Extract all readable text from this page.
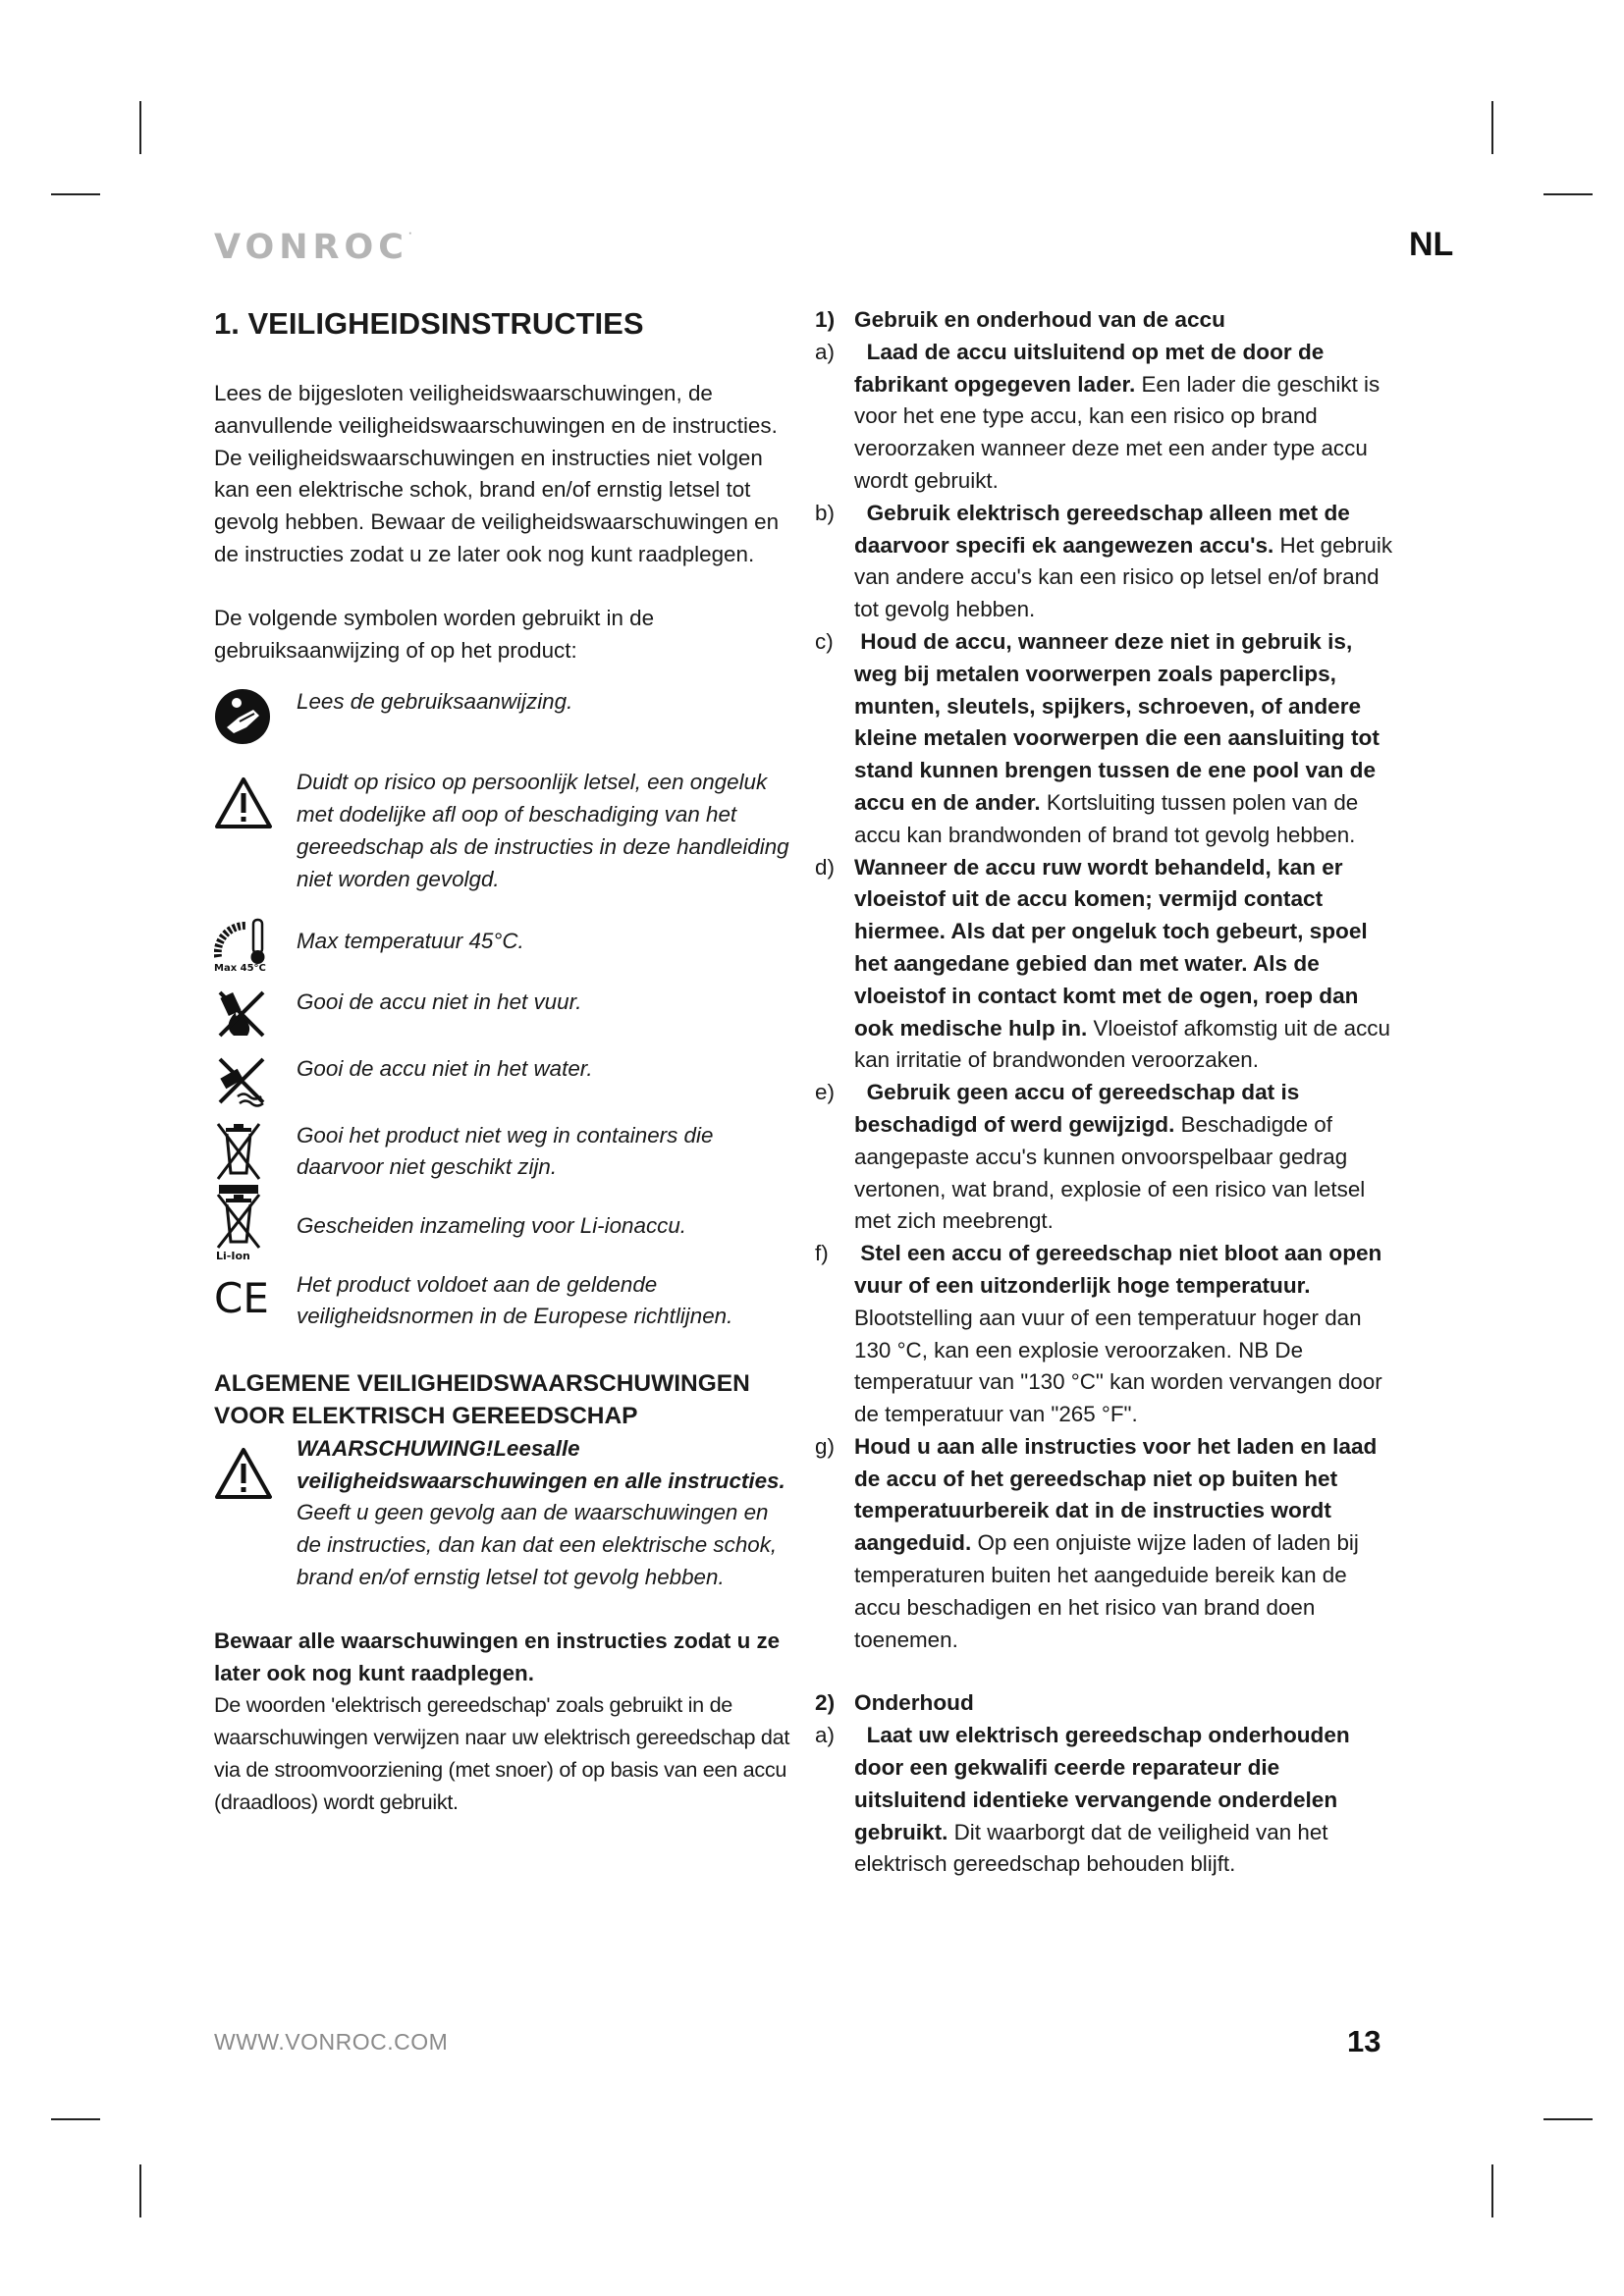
VONROC·	NL
1. VEILIGHEIDSINSTRUCTIES

Lees de bijgesloten veiligheidswaarschuwingen, de aanvullende veiligheidswaarschuwingen en de instructies. De veiligheidswaarschuwingen en instructies niet volgen kan een elektrische schok, brand en/of ernstig letsel tot gevolg hebben. Bewaar de veiligheidswaarschuwingen en de instructies zodat u ze later ook nog kunt raadplegen.

De volgende symbolen worden gebruikt in de gebruiksaanwijzing of op het product:

Lees de gebruiksaanwijzing.
Duidt op risico op persoonlijk letsel, een ongeluk met dodelijke afl oop of beschadiging van het gereedschap als de instructies in deze handleiding niet worden gevolgd.
Max 45°C
Max temperatuur 45°C.
Gooi de accu niet in het vuur.
Gooi de accu niet in het water.
Gooi het product niet weg in containers die daarvoor niet geschikt zijn.
Li-Ion
Gescheiden inzameling voor Li-ionaccu.
CE Het product voldoet aan de geldende veiligheidsnormen in de Europese richtlijnen.

ALGEMENE VEILIGHEIDSWAARSCHUWINGEN VOOR ELEKTRISCH GEREEDSCHAP

WAARSCHUWING!Leesalle veiligheidswaarschuwingen en alle instructies. Geeft u geen gevolg aan de waarschuwingen en de instructies, dan kan dat een elektrische schok, brand en/of ernstig letsel tot gevolg hebben.

Bewaar alle waarschuwingen en instructies zodat u ze later ook nog kunt raadplegen.

De woorden 'elektrisch gereedschap' zoals gebruikt in de waarschuwingen verwijzen naar uw elektrisch gereedschap dat via de stroomvoorziening (met snoer) of op basis van een accu (draadloos) wordt gebruikt.

1) Gebruik en onderhoud van de accu
a) Laad de accu uitsluitend op met de door de fabrikant opgegeven lader. Een lader die geschikt is voor het ene type accu, kan een risico op brand veroorzaken wanneer deze met een ander type accu wordt gebruikt.
b) Gebruik elektrisch gereedschap alleen met de daarvoor specifi ek aangewezen accu's. Het gebruik van andere accu's kan een risico op letsel en/of brand tot gevolg hebben.
c) Houd de accu, wanneer deze niet in gebruik is, weg bij metalen voorwerpen zoals paperclips, munten, sleutels, spijkers, schroeven, of andere kleine metalen voorwerpen die een aansluiting tot stand kunnen brengen tussen de ene pool van de accu en de ander. Kortsluiting tussen polen van de accu kan brandwonden of brand tot gevolg hebben.
d) Wanneer de accu ruw wordt behandeld, kan er vloeistof uit de accu komen; vermijd contact hiermee. Als dat per ongeluk toch gebeurt, spoel het aangedane gebied dan met water. Als de vloeistof in contact komt met de ogen, roep dan ook medische hulp in. Vloeistof afkomstig uit de accu kan irritatie of brandwonden veroorzaken.
e) Gebruik geen accu of gereedschap dat is beschadigd of werd gewijzigd. Beschadigde of aangepaste accu's kunnen onvoorspelbaar gedrag vertonen, wat brand, explosie of een risico van letsel met zich meebrengt.
f)	Stel een accu of gereedschap niet bloot aan open vuur of een uitzonderlijk hoge temperatuur. Blootstelling aan vuur of een temperatuur hoger dan 130 °C, kan een explosie veroorzaken. NB De temperatuur van "130 °C" kan worden vervangen door de temperatuur van "265 °F".
g) Houd u aan alle instructies voor het laden en laad de accu of het gereedschap niet op buiten het temperatuurbereik dat in de instructies wordt aangeduid. Op een onjuiste wijze laden of laden bij temperaturen buiten het aangeduide bereik kan de accu beschadigen en het risico van brand doen toenemen.
2) Onderhoud
a) Laat uw elektrisch gereedschap onderhouden door een gekwalifi ceerde reparateur die uitsluitend identieke vervangende onderdelen gebruikt. Dit waarborgt dat de veiligheid van het elektrisch gereedschap behouden blijft.
WWW.VONROC.COM	13
